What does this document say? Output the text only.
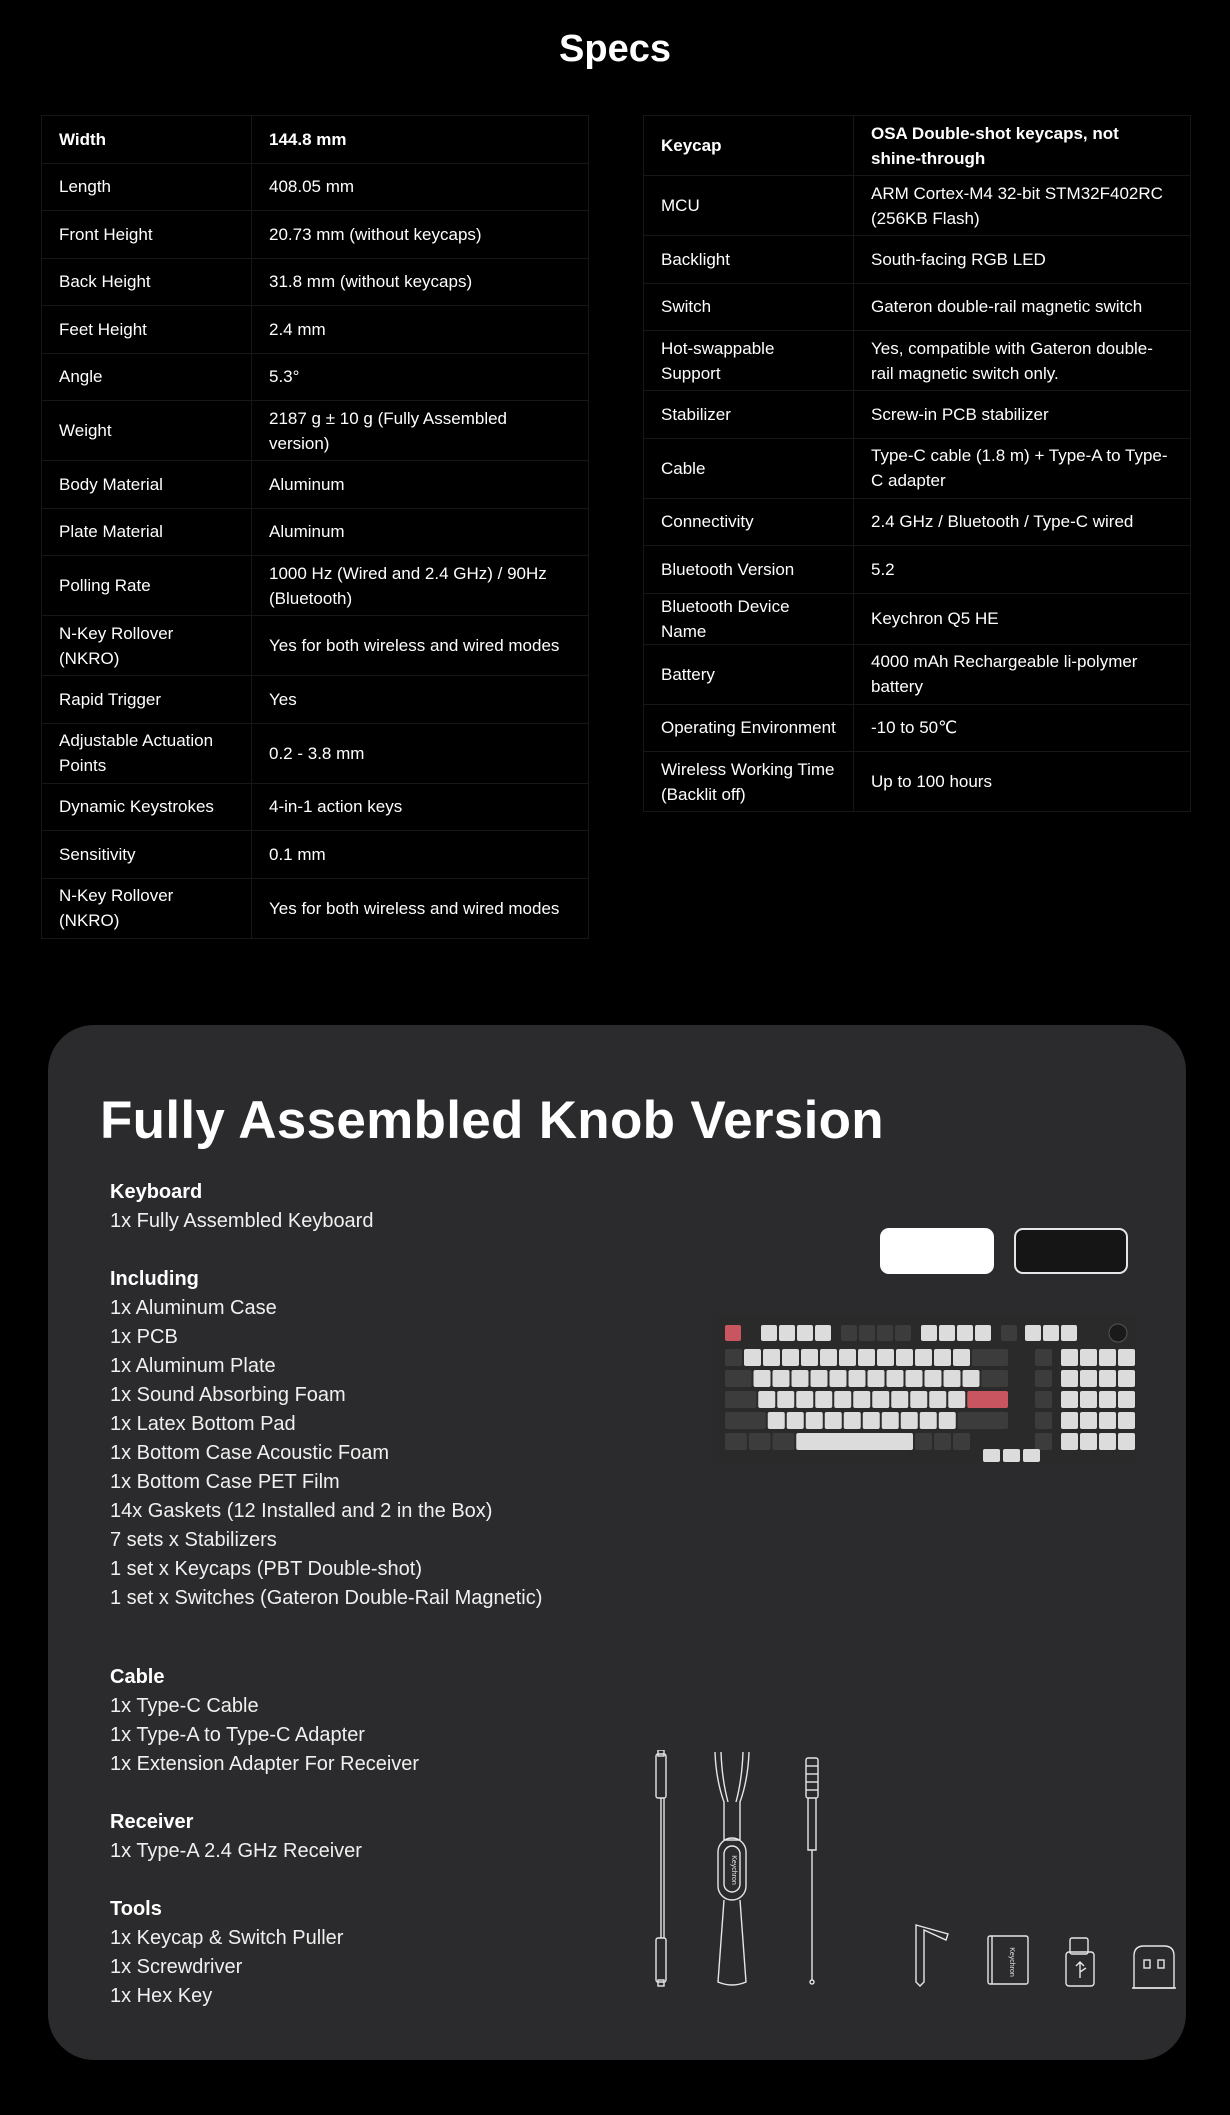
Specs
Width	144.8 mm
Length	408.05 mm
Front Height	20.73 mm (without keycaps)
Back Height	31.8 mm (without keycaps)
Feet Height	2.4 mm
Angle	5.3°
Weight	2187 g ± 10 g (Fully Assembled version)
Body Material	Aluminum
Plate Material	Aluminum
Polling Rate	1000 Hz (Wired and 2.4 GHz) / 90Hz (Bluetooth)
N-Key Rollover (NKRO)	Yes for both wireless and wired modes
Rapid Trigger	Yes
Adjustable Actuation Points	0.2 - 3.8 mm
Dynamic Keystrokes	4-in-1 action keys
Sensitivity	0.1 mm
N-Key Rollover (NKRO)	Yes for both wireless and wired modes
Keycap	OSA Double-shot keycaps, not shine-through
MCU	ARM Cortex-M4 32-bit STM32F402RC (256KB Flash)
Backlight	South-facing RGB LED
Switch	Gateron double-rail magnetic switch
Hot-swappable Support	Yes, compatible with Gateron double-rail magnetic switch only.
Stabilizer	Screw-in PCB stabilizer
Cable	Type-C cable (1.8 m) + Type-A to Type-C adapter
Connectivity	2.4 GHz / Bluetooth / Type-C wired
Bluetooth Version	5.2
Bluetooth Device Name	Keychron Q5 HE
Battery	4000 mAh Rechargeable li-polymer battery
Operating Environment	-10 to 50℃
Wireless Working Time (Backlit off)	Up to 100 hours
Fully Assembled Knob Version
Keyboard
1x Fully Assembled Keyboard
Including
1x Aluminum Case
1x PCB
1x Aluminum Plate
1x Sound Absorbing Foam
1x Latex Bottom Pad
1x Bottom Case Acoustic Foam
1x Bottom Case PET Film
14x Gaskets (12 Installed and 2 in the Box)
7 sets x Stabilizers
1 set x Keycaps (PBT Double-shot)
1 set x Switches (Gateron Double-Rail Magnetic)
Cable
1x Type-C Cable
1x Type-A to Type-C Adapter
1x Extension Adapter For Receiver
Receiver
1x Type-A 2.4 GHz Receiver
Tools
1x Keycap & Switch Puller
1x Screwdriver
1x Hex Key
Keychron
Keychron
